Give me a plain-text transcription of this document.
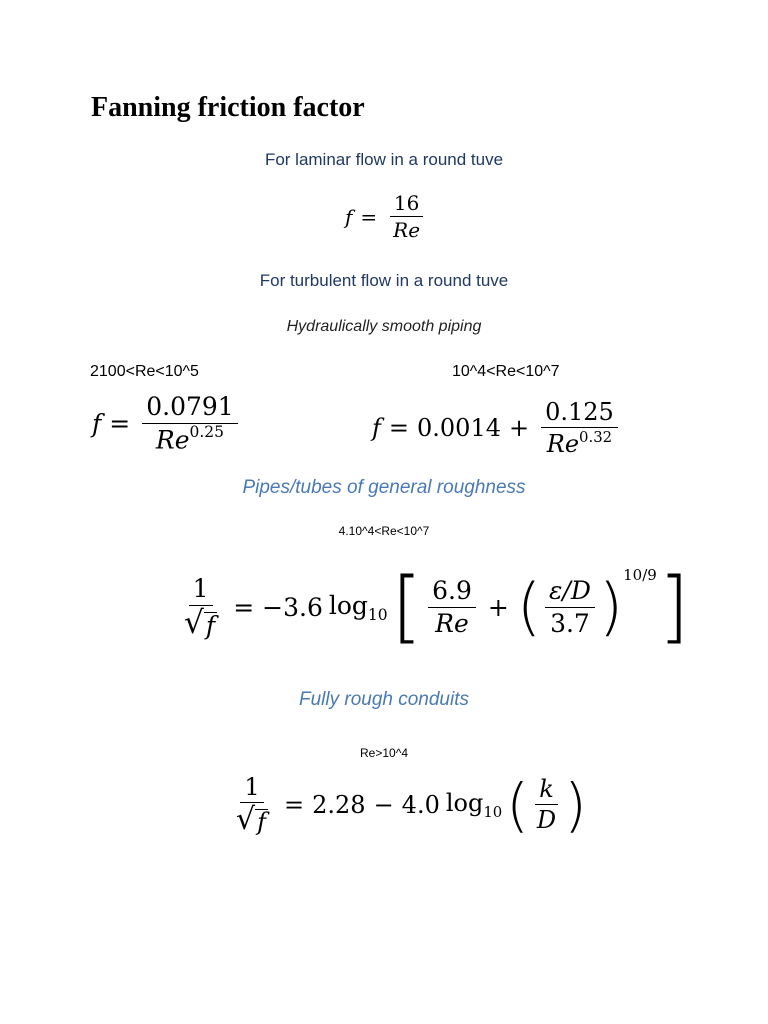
Fanning friction factor
For laminar flow in a round tuve
$f = \frac{16}{Re}$
For turbulent flow in a round tuve
Hydraulically smooth piping
2100<Re<10^5	10^4<Re<10^7
$f = \frac{0.0791}{Re^{0.25}}$	$f = 0.0014 + \frac{0.125}{Re^{0.32}}$
Pipes/tubes of general roughness
4.10^4<Re<10^7
$\frac{1}{√ f} = -3.6$ $\log_{10}$ [ $\frac{6.9}{Re}$ + ( $\frac{\varepsilon/D}{3.7}$ ) 10/9 ]
Fully rough conduits
Re>10^4
$\frac{1}{√ f} = 2.28 - 4.0$ $\log_{10}$ ( $\frac{k}{D}$ )
